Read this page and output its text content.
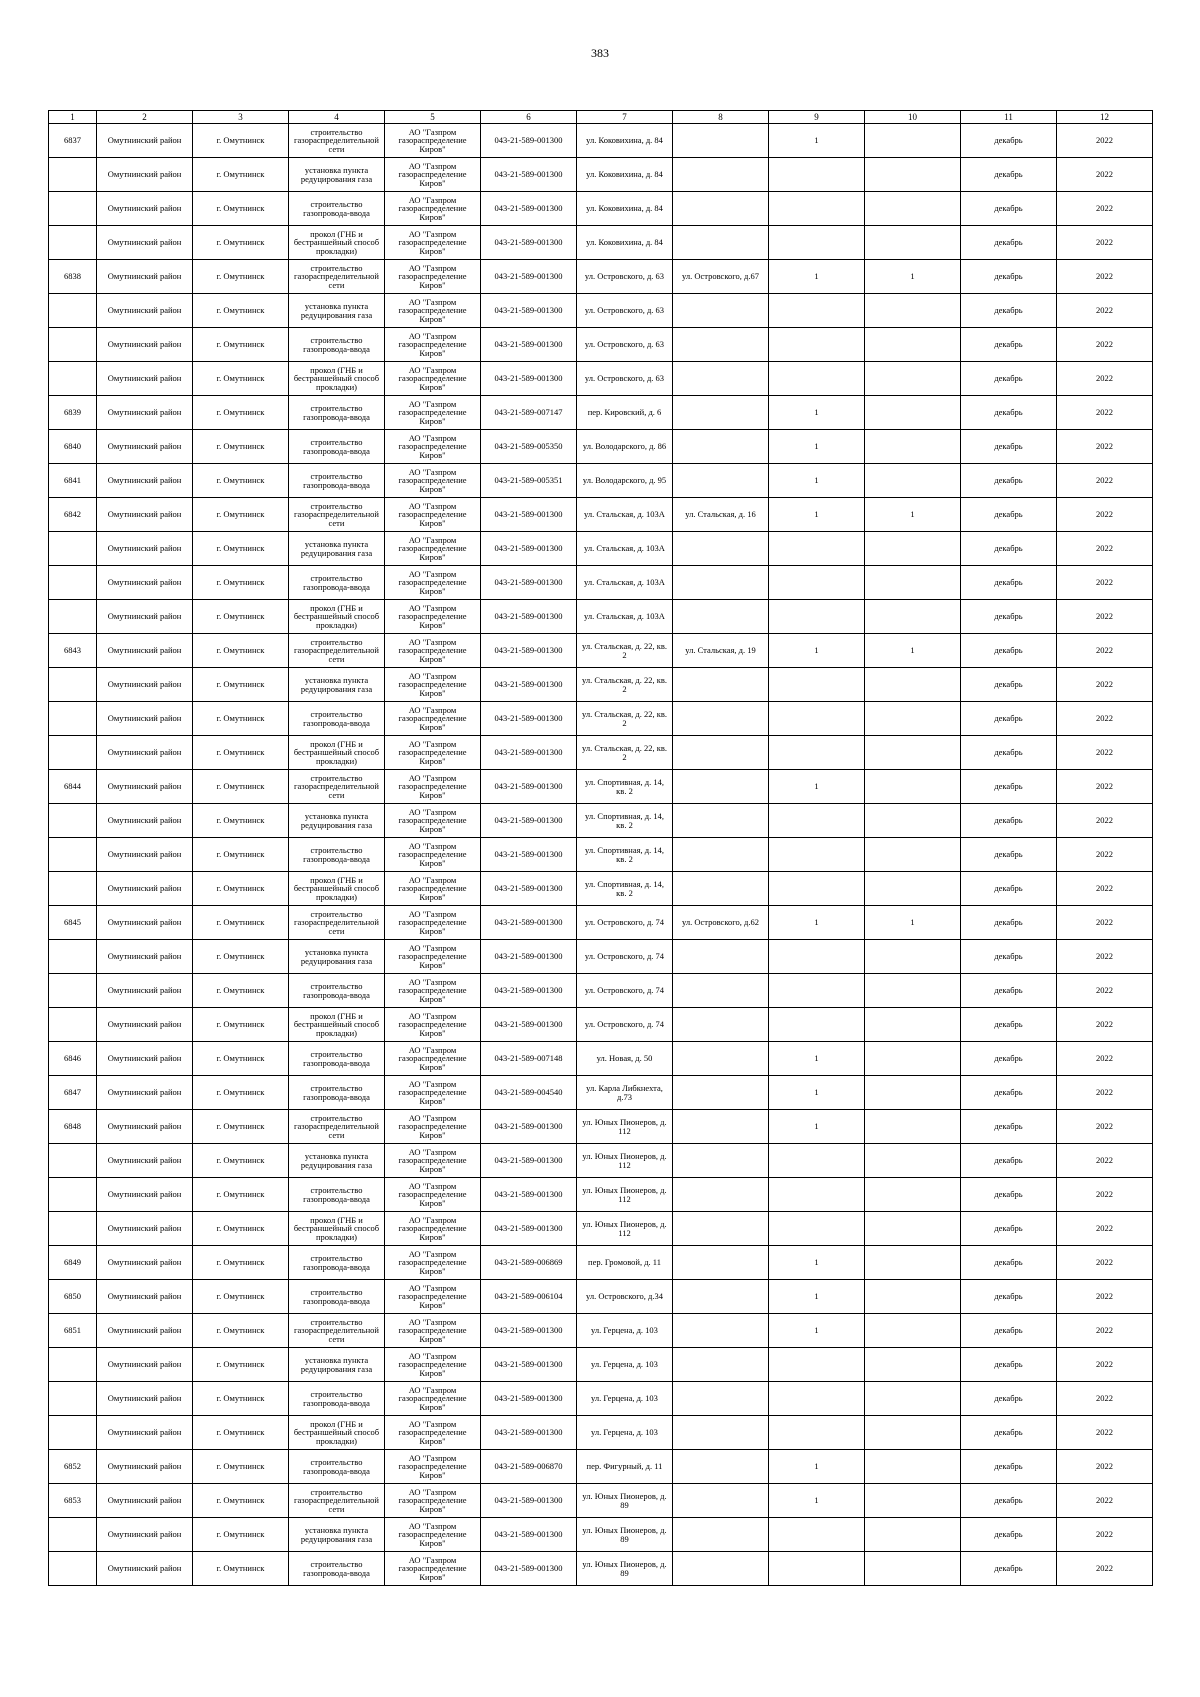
383
1	2	3	4	5	6	7	8	9	10	11	12
6837	Омутнинский район	г. Омутнинск	строительство газораспределительной сети	АО "Газпром газораспределение Киров"	043-21-589-001300	ул. Коковихина, д. 84		1		декабрь	2022
	Омутнинский район	г. Омутнинск	установка пункта редуцирования газа	АО "Газпром газораспределение Киров"	043-21-589-001300	ул. Коковихина, д. 84				декабрь	2022
	Омутнинский район	г. Омутнинск	строительство газопровода-ввода	АО "Газпром газораспределение Киров"	043-21-589-001300	ул. Коковихина, д. 84				декабрь	2022
	Омутнинский район	г. Омутнинск	прокол (ГНБ и бестраншейный способ прокладки)	АО "Газпром газораспределение Киров"	043-21-589-001300	ул. Коковихина, д. 84				декабрь	2022
6838	Омутнинский район	г. Омутнинск	строительство газораспределительной сети	АО "Газпром газораспределение Киров"	043-21-589-001300	ул. Островского, д. 63	ул. Островского, д.67	1	1	декабрь	2022
	Омутнинский район	г. Омутнинск	установка пункта редуцирования газа	АО "Газпром газораспределение Киров"	043-21-589-001300	ул. Островского, д. 63				декабрь	2022
	Омутнинский район	г. Омутнинск	строительство газопровода-ввода	АО "Газпром газораспределение Киров"	043-21-589-001300	ул. Островского, д. 63				декабрь	2022
	Омутнинский район	г. Омутнинск	прокол (ГНБ и бестраншейный способ прокладки)	АО "Газпром газораспределение Киров"	043-21-589-001300	ул. Островского, д. 63				декабрь	2022
6839	Омутнинский район	г. Омутнинск	строительство газопровода-ввода	АО "Газпром газораспределение Киров"	043-21-589-007147	пер. Кировский, д. 6		1		декабрь	2022
6840	Омутнинский район	г. Омутнинск	строительство газопровода-ввода	АО "Газпром газораспределение Киров"	043-21-589-005350	ул. Володарского, д. 86		1		декабрь	2022
6841	Омутнинский район	г. Омутнинск	строительство газопровода-ввода	АО "Газпром газораспределение Киров"	043-21-589-005351	ул. Володарского, д. 95		1		декабрь	2022
6842	Омутнинский район	г. Омутнинск	строительство газораспределительной сети	АО "Газпром газораспределение Киров"	043-21-589-001300	ул. Стальская, д. 103А	ул. Стальская, д. 16	1	1	декабрь	2022
	Омутнинский район	г. Омутнинск	установка пункта редуцирования газа	АО "Газпром газораспределение Киров"	043-21-589-001300	ул. Стальская, д. 103А				декабрь	2022
	Омутнинский район	г. Омутнинск	строительство газопровода-ввода	АО "Газпром газораспределение Киров"	043-21-589-001300	ул. Стальская, д. 103А				декабрь	2022
	Омутнинский район	г. Омутнинск	прокол (ГНБ и бестраншейный способ прокладки)	АО "Газпром газораспределение Киров"	043-21-589-001300	ул. Стальская, д. 103А				декабрь	2022
6843	Омутнинский район	г. Омутнинск	строительство газораспределительной сети	АО "Газпром газораспределение Киров"	043-21-589-001300	ул. Стальская, д. 22, кв. 2	ул. Стальская, д. 19	1	1	декабрь	2022
	Омутнинский район	г. Омутнинск	установка пункта редуцирования газа	АО "Газпром газораспределение Киров"	043-21-589-001300	ул. Стальская, д. 22, кв. 2				декабрь	2022
	Омутнинский район	г. Омутнинск	строительство газопровода-ввода	АО "Газпром газораспределение Киров"	043-21-589-001300	ул. Стальская, д. 22, кв. 2				декабрь	2022
	Омутнинский район	г. Омутнинск	прокол (ГНБ и бестраншейный способ прокладки)	АО "Газпром газораспределение Киров"	043-21-589-001300	ул. Стальская, д. 22, кв. 2				декабрь	2022
6844	Омутнинский район	г. Омутнинск	строительство газораспределительной сети	АО "Газпром газораспределение Киров"	043-21-589-001300	ул. Спортивная, д. 14, кв. 2		1		декабрь	2022
	Омутнинский район	г. Омутнинск	установка пункта редуцирования газа	АО "Газпром газораспределение Киров"	043-21-589-001300	ул. Спортивная, д. 14, кв. 2				декабрь	2022
	Омутнинский район	г. Омутнинск	строительство газопровода-ввода	АО "Газпром газораспределение Киров"	043-21-589-001300	ул. Спортивная, д. 14, кв. 2				декабрь	2022
	Омутнинский район	г. Омутнинск	прокол (ГНБ и бестраншейный способ прокладки)	АО "Газпром газораспределение Киров"	043-21-589-001300	ул. Спортивная, д. 14, кв. 2				декабрь	2022
6845	Омутнинский район	г. Омутнинск	строительство газораспределительной сети	АО "Газпром газораспределение Киров"	043-21-589-001300	ул. Островского, д. 74	ул. Островского, д.62	1	1	декабрь	2022
	Омутнинский район	г. Омутнинск	установка пункта редуцирования газа	АО "Газпром газораспределение Киров"	043-21-589-001300	ул. Островского, д. 74				декабрь	2022
	Омутнинский район	г. Омутнинск	строительство газопровода-ввода	АО "Газпром газораспределение Киров"	043-21-589-001300	ул. Островского, д. 74				декабрь	2022
	Омутнинский район	г. Омутнинск	прокол (ГНБ и бестраншейный способ прокладки)	АО "Газпром газораспределение Киров"	043-21-589-001300	ул. Островского, д. 74				декабрь	2022
6846	Омутнинский район	г. Омутнинск	строительство газопровода-ввода	АО "Газпром газораспределение Киров"	043-21-589-007148	ул. Новая, д. 50		1		декабрь	2022
6847	Омутнинский район	г. Омутнинск	строительство газопровода-ввода	АО "Газпром газораспределение Киров"	043-21-589-004540	ул. Карла Либкнехта, д.73		1		декабрь	2022
6848	Омутнинский район	г. Омутнинск	строительство газораспределительной сети	АО "Газпром газораспределение Киров"	043-21-589-001300	ул. Юных Пионеров, д. 112		1		декабрь	2022
	Омутнинский район	г. Омутнинск	установка пункта редуцирования газа	АО "Газпром газораспределение Киров"	043-21-589-001300	ул. Юных Пионеров, д. 112				декабрь	2022
	Омутнинский район	г. Омутнинск	строительство газопровода-ввода	АО "Газпром газораспределение Киров"	043-21-589-001300	ул. Юных Пионеров, д. 112				декабрь	2022
	Омутнинский район	г. Омутнинск	прокол (ГНБ и бестраншейный способ прокладки)	АО "Газпром газораспределение Киров"	043-21-589-001300	ул. Юных Пионеров, д. 112				декабрь	2022
6849	Омутнинский район	г. Омутнинск	строительство газопровода-ввода	АО "Газпром газораспределение Киров"	043-21-589-006869	пер. Громовой, д. 11		1		декабрь	2022
6850	Омутнинский район	г. Омутнинск	строительство газопровода-ввода	АО "Газпром газораспределение Киров"	043-21-589-006104	ул. Островского, д.34		1		декабрь	2022
6851	Омутнинский район	г. Омутнинск	строительство газораспределительной сети	АО "Газпром газораспределение Киров"	043-21-589-001300	ул. Герцена, д. 103		1		декабрь	2022
	Омутнинский район	г. Омутнинск	установка пункта редуцирования газа	АО "Газпром газораспределение Киров"	043-21-589-001300	ул. Герцена, д. 103				декабрь	2022
	Омутнинский район	г. Омутнинск	строительство газопровода-ввода	АО "Газпром газораспределение Киров"	043-21-589-001300	ул. Герцена, д. 103				декабрь	2022
	Омутнинский район	г. Омутнинск	прокол (ГНБ и бестраншейный способ прокладки)	АО "Газпром газораспределение Киров"	043-21-589-001300	ул. Герцена, д. 103				декабрь	2022
6852	Омутнинский район	г. Омутнинск	строительство газопровода-ввода	АО "Газпром газораспределение Киров"	043-21-589-006870	пер. Фигурный, д. 11		1		декабрь	2022
6853	Омутнинский район	г. Омутнинск	строительство газораспределительной сети	АО "Газпром газораспределение Киров"	043-21-589-001300	ул. Юных Пионеров, д. 89		1		декабрь	2022
	Омутнинский район	г. Омутнинск	установка пункта редуцирования газа	АО "Газпром газораспределение Киров"	043-21-589-001300	ул. Юных Пионеров, д. 89				декабрь	2022
	Омутнинский район	г. Омутнинск	строительство газопровода-ввода	АО "Газпром газораспределение Киров"	043-21-589-001300	ул. Юных Пионеров, д. 89				декабрь	2022
